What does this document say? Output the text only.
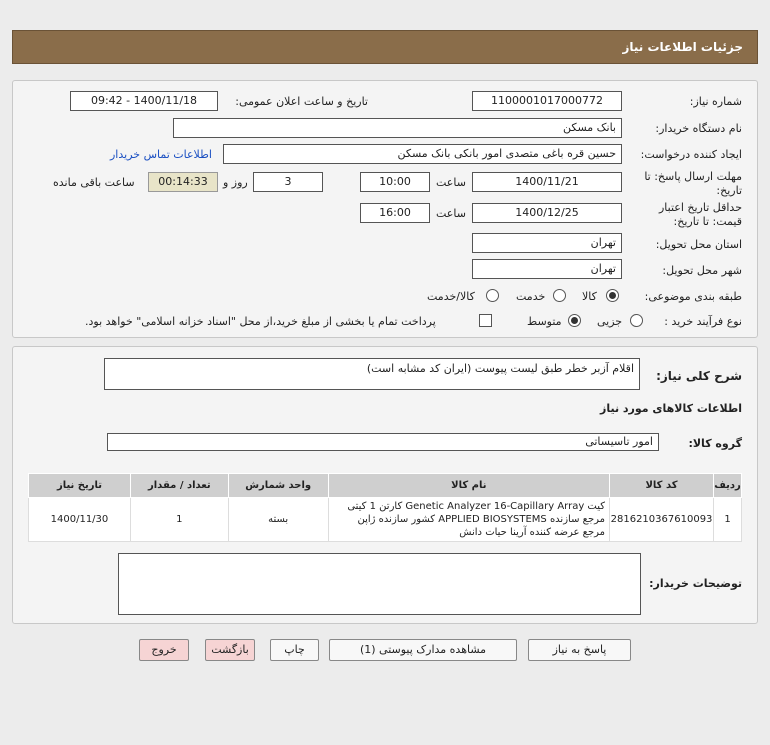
جزئیات اطلاعات نیاز
شماره نیاز:
1100001017000772
تاریخ و ساعت اعلان عمومی:
1400/11/18 - 09:42
نام دستگاه خریدار:
بانک مسکن
ایجاد کننده درخواست:
حسین قره باغی متصدی امور بانکی بانک مسکن
اطلاعات تماس خریدار
مهلت ارسال پاسخ: تا
تاریخ:
1400/11/21
ساعت
10:00
3
روز و
00:14:33
ساعت باقی مانده
حداقل تاریخ اعتبار
قیمت: تا تاریخ:
1400/12/25
ساعت
16:00
استان محل تحویل:
تهران
شهر محل تحویل:
تهران
طبقه بندی موضوعی:
کالا
خدمت
کالا/خدمت
نوع فرآیند خرید :
جزیی
متوسط
پرداخت تمام یا بخشی از مبلغ خرید،از محل "اسناد خزانه اسلامی" خواهد بود.
شرح کلی نیاز:
اقلام آزبر خطر طبق لیست پیوست (ایران کد مشابه است)
اطلاعات کالاهای مورد نیاز
گروه کالا:
امور تاسیساتی
ردیف	کد کالا	نام کالا	واحد شمارش	تعداد / مقدار	تاریخ نیاز
1	2816210367610093	کیت Genetic Analyzer 16-Capillary Array کارتن 1 کیتی مرجع سازنده APPLIED BIOSYSTEMS کشور سازنده ژاپن مرجع عرضه کننده آرینا حیات دانش	بسته	1	1400/11/30
توضیحات خریدار:
پاسخ به نیاز
مشاهده مدارک پیوستی (1)
چاپ
بازگشت
خروج
